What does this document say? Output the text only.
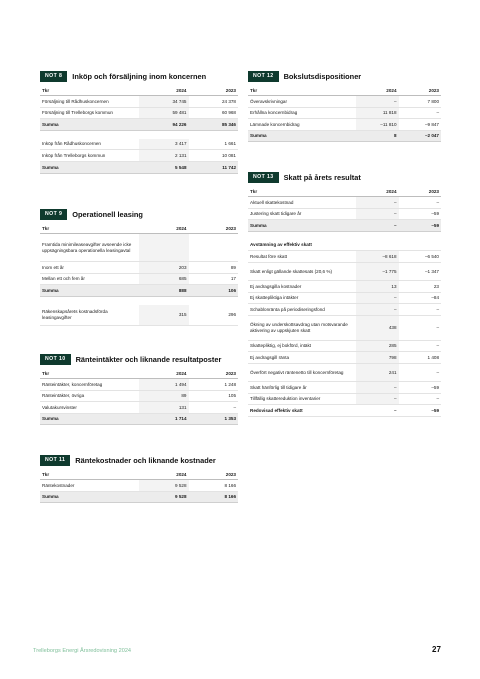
NOT 8	Inköp och försäljning inom koncernen
Tkr	2024	2023
Försäljning till Rådhuskoncernen	34 745	24 378
Försäljning till Trelleborgs kommun	59 481	60 968
Summa	94 226	85 346

Inköp från Rådhuskoncernen	3 417	1 661
Inköp från Trelleborgs kommun	2 131	10 081
Summa	5 548	11 742
NOT 9	Operationell leasing
Tkr	2024	2023
Framtida minimileaseavgifter avseende icke uppsägningsbara operationella leasingavtal		
Inom ett år	203	89
Mellan ett och fem år	685	17
Summa	888	106

Räkenskapsårets kostnadsförda leasingavgifter	315	296
NOT 10	Ränteintäkter och liknande resultatposter
Tkr	2024	2023
Ränteintäkter, koncernföretag	1 494	1 248
Ränteintäkter, övriga	89	105
Valutakursvinster	131	–
Summa	1 714	1 353
NOT 11	Räntekostnader och liknande kostnader
Tkr	2024	2023
Räntekostnader	9 528	8 166
Summa	9 528	8 166
NOT 12	Bokslutsdispositioner
Tkr	2024	2023
Överavskrivningar	–	7 800
Erhållna koncernbidrag	11 818	–
Lämnade koncernbidrag	–11 810	–9 847
Summa	8	–2 047
NOT 13	Skatt på årets resultat
Tkr	2024	2023
Aktuell skattekostnad	–	–
Justering skatt tidigare år	–	–59
Summa	–	–59

Avstämning av effektiv skatt		
Resultat före skatt	–8 618	–6 540
Skatt enligt gällande skattesats (20,6 %)	–1 775	–1 347
Ej avdragsgilla kostnader	13	23
Ej skattepliktiga intäkter	–	–84
Schablonränta på periodiseringsfond	–	–
Ökning av underskottsavdrag utan motsvarande aktivering av uppskjuten skatt	438	–
Skattepliktig, ej bokförd, intäkt	285	–
Ej avdragsgill ränta	798	1 408
Överfört negativt räntenetto till koncernföretag	241	–
Skatt hänförlig till tidigare år	–	–59
Tillfällig skattereduktion inventarier	–	–
Redovisad effektiv skatt	–	–59
Trelleborgs Energi Årsredovisning 2024	27
